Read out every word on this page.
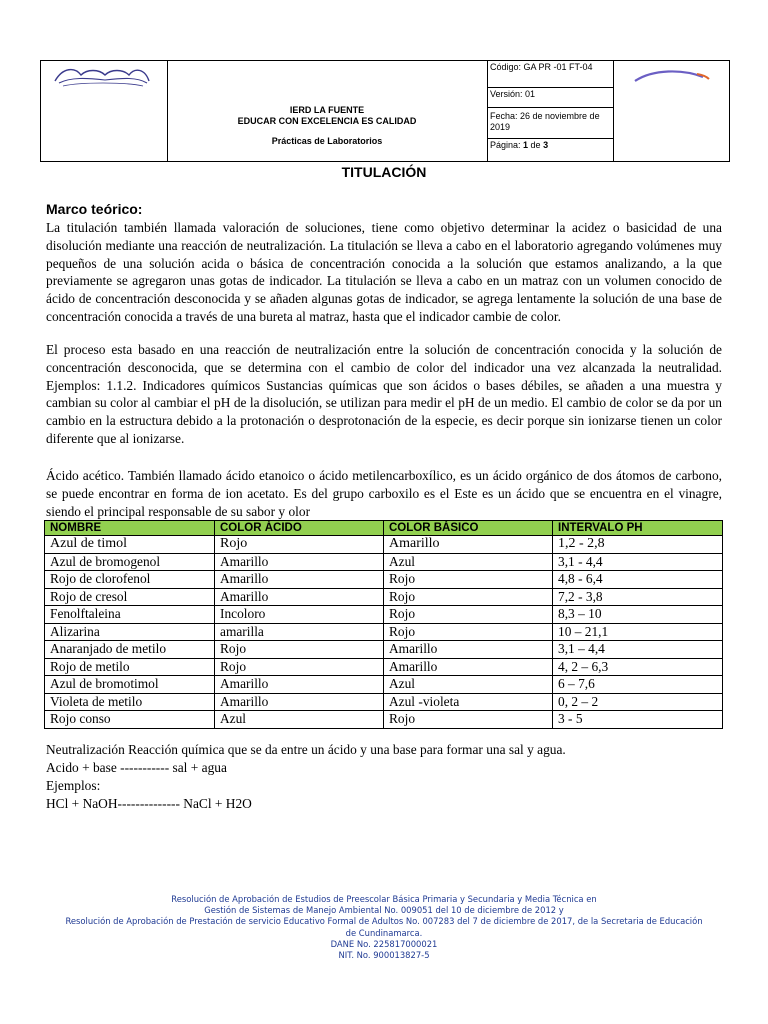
IERD LA FUENTE
EDUCAR CON EXCELENCIA ES CALIDAD
Prácticas de Laboratorios
Código: GA PR -01 FT-04
Versión: 01
Fecha: 26 de noviembre de 2019
Página: 1 de 3
TITULACIÓN
Marco teórico:
La titulación también llamada valoración de soluciones, tiene como objetivo determinar la acidez o basicidad de una disolución mediante una reacción de neutralización. La titulación se lleva a cabo en el laboratorio agregando volúmenes muy pequeños de una solución acida o básica de concentración conocida a la solución que estamos analizando, a la que previamente se agregaron unas gotas de indicador. La titulación se lleva a cabo en un matraz con un volumen conocido de ácido de concentración desconocida y se añaden algunas gotas de indicador, se agrega lentamente la solución de una base de concentración conocida a través de una bureta al matraz, hasta que el indicador cambie de color.
El proceso esta basado en una reacción de neutralización entre la solución de concentración conocida y la solución de concentración desconocida, que se determina con el cambio de color del indicador una vez alcanzada la neutralidad. Ejemplos: 1.1.2. Indicadores químicos Sustancias químicas que son ácidos o bases débiles, se añaden a una muestra y cambian su color al cambiar el pH de la disolución, se utilizan para medir el pH de un medio. El cambio de color se da por un cambio en la estructura debido a la protonación o desprotonación de la especie, es decir porque sin ionizarse tienen un color diferente que al ionizarse.
Ácido acético. También llamado ácido etanoico o ácido metilencarboxílico, es un ácido orgánico de dos átomos de carbono, se puede encontrar en forma de ion acetato. Es del grupo carboxilo es el Este es un ácido que se encuentra en el vinagre, siendo el principal responsable de su sabor y olor
NOMBRE	COLOR ÁCIDO	COLOR BÁSICO	INTERVALO PH
Azul de timol	Rojo	Amarillo	1,2 - 2,8
Azul de bromogenol	Amarillo	Azul	3,1 - 4,4
Rojo de clorofenol	Amarillo	Rojo	4,8 - 6,4
Rojo de cresol	Amarillo	Rojo	7,2 - 3,8
Fenolftaleina	Incoloro	Rojo	8,3 – 10
Alizarina	amarilla	Rojo	10 – 21,1
Anaranjado de metilo	Rojo	Amarillo	3,1 – 4,4
Rojo de metilo	Rojo	Amarillo	4, 2 – 6,3
Azul de bromotimol	Amarillo	Azul	6 – 7,6
Violeta de metilo	Amarillo	Azul -violeta	0, 2 – 2
Rojo conso	Azul	Rojo	3 - 5
Neutralización Reacción química que se da entre un ácido y una base para formar una sal y agua.
Acido + base ----------- sal + agua
Ejemplos:
HCl + NaOH-------------- NaCl + H2O
Resolución de Aprobación de Estudios de Preescolar Básica Primaria y Secundaria y Media Técnica en
Gestión de Sistemas de Manejo Ambiental No. 009051 del 10 de diciembre de 2012 y
Resolución de Aprobación de Prestación de servicio Educativo Formal de Adultos No. 007283 del 7 de diciembre de 2017, de la Secretaria de Educación
de Cundinamarca.
DANE No. 225817000021
NIT. No. 900013827-5
